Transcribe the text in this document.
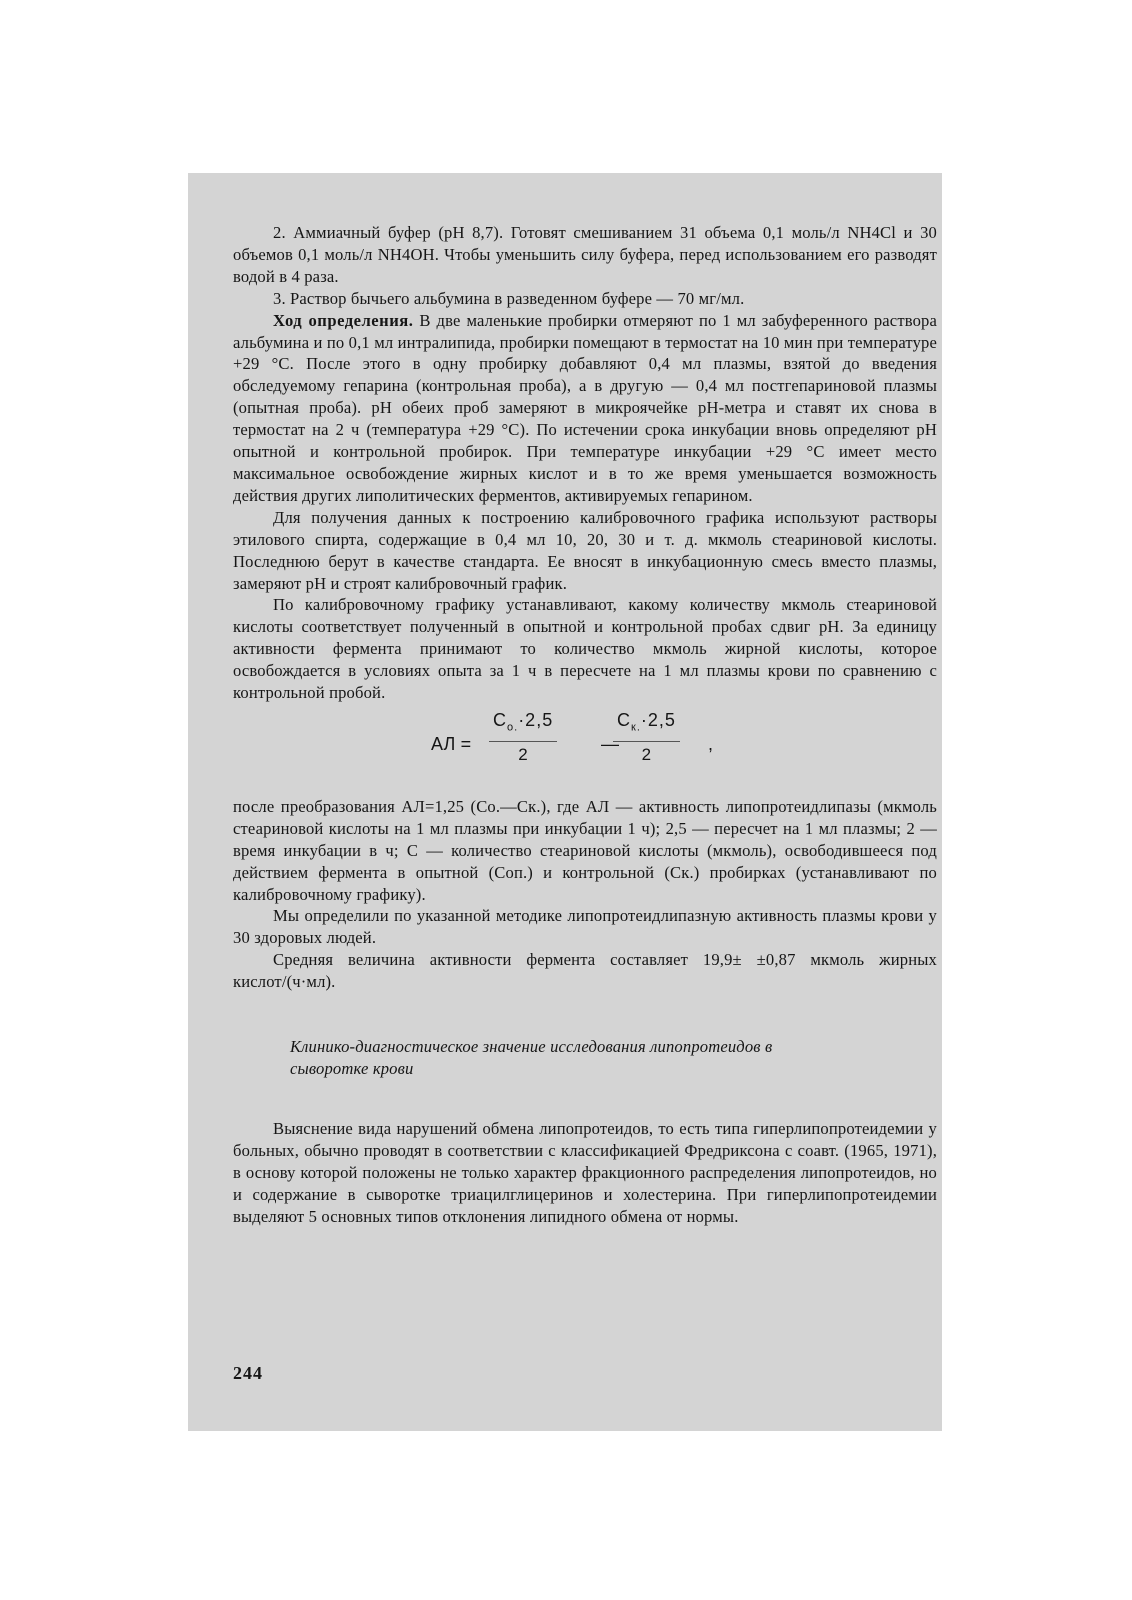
2. Аммиачный буфер (рН 8,7). Готовят смешиванием 31 объема 0,1 моль/л NH4Cl и 30 объемов 0,1 моль/л NH4OH. Чтобы уменьшить силу буфера, перед использованием его разводят водой в 4 раза.

3. Раствор бычьего альбумина в разведенном буфере — 70 мг/мл.

Ход определения. В две маленькие пробирки отмеряют по 1 мл забуференного раствора альбумина и по 0,1 мл интралипида, пробирки помещают в термостат на 10 мин при температуре +29 °С. После этого в одну пробирку добавляют 0,4 мл плазмы, взятой до введения обследуемому гепарина (контрольная проба), а в другую — 0,4 мл постгепариновой плазмы (опытная проба). рН обеих проб замеряют в микроячейке рН-метра и ставят их снова в термостат на 2 ч (температура +29 °С). По истечении срока инкубации вновь определяют рН опытной и контрольной пробирок. При температуре инкубации +29 °С имеет место максимальное освобождение жирных кислот и в то же время уменьшается возможность действия других липолитических ферментов, активируемых гепарином.

Для получения данных к построению калибровочного графика используют растворы этилового спирта, содержащие в 0,4 мл 10, 20, 30 и т. д. мкмоль стеариновой кислоты. Последнюю берут в качестве стандарта. Ее вносят в инкубационную смесь вместо плазмы, замеряют рН и строят калибровочный график.

По калибровочному графику устанавливают, какому количеству мкмоль стеариновой кислоты соответствует полученный в опытной и контрольной пробах сдвиг рН. За единицу активности фермента принимают то количество мкмоль жирной кислоты, которое освобождается в условиях опыта за 1 ч в пересчете на 1 мл плазмы крови по сравнению с контрольной пробой.

АЛ =
$C_{о.}\cdot 2,5$
2
—
$C_{к.}\cdot 2,5$
2
,

после преобразования АЛ=1,25 (Cо.—Cк.), где АЛ — активность липопротеидлипазы (мкмоль стеариновой кислоты на 1 мл плазмы при инкубации 1 ч); 2,5 — пересчет на 1 мл плазмы; 2 — время инкубации в ч; С — количество стеариновой кислоты (мкмоль), освободившееся под действием фермента в опытной (Cоп.) и контрольной (Cк.) пробирках (устанавливают по калибровочному графику).

Мы определили по указанной методике липопротеидлипазную активность плазмы крови у 30 здоровых людей.

Средняя величина активности фермента составляет 19,9± ±0,87 мкмоль жирных кислот/(ч·мл).

Клинико-диагностическое значение исследования липопротеидов в сыворотке крови

Выяснение вида нарушений обмена липопротеидов, то есть типа гиперлипопротеидемии у больных, обычно проводят в соответствии с классификацией Фредриксона с соавт. (1965, 1971), в основу которой положены не только характер фракционного распределения липопротеидов, но и содержание в сыворотке триацилглицеринов и холестерина. При гиперлипопротеидемии выделяют 5 основных типов отклонения липидного обмена от нормы.

244
